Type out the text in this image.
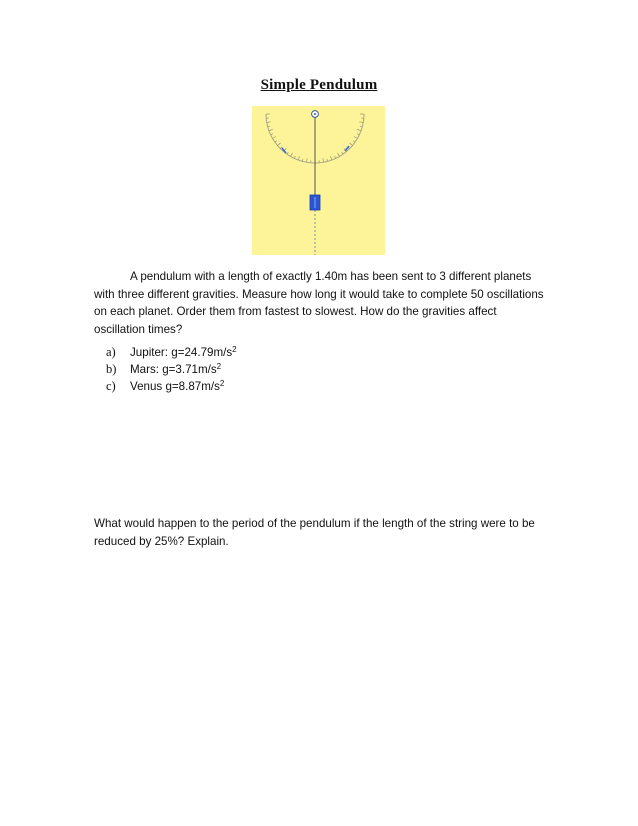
Simple Pendulum
A pendulum with a length of exactly 1.40m has been sent to 3 different planets with three different gravities. Measure how long it would take to complete 50 oscillations on each planet. Order them from fastest to slowest. How do the gravities affect oscillation times?
a)	Jupiter: $g=24.79m/s^2$
b)	Mars: $g=3.71m/s^2$
c)	Venus $g=8.87m/s^2$
What would happen to the period of the pendulum if the length of the string were to be reduced by 25%? Explain.
